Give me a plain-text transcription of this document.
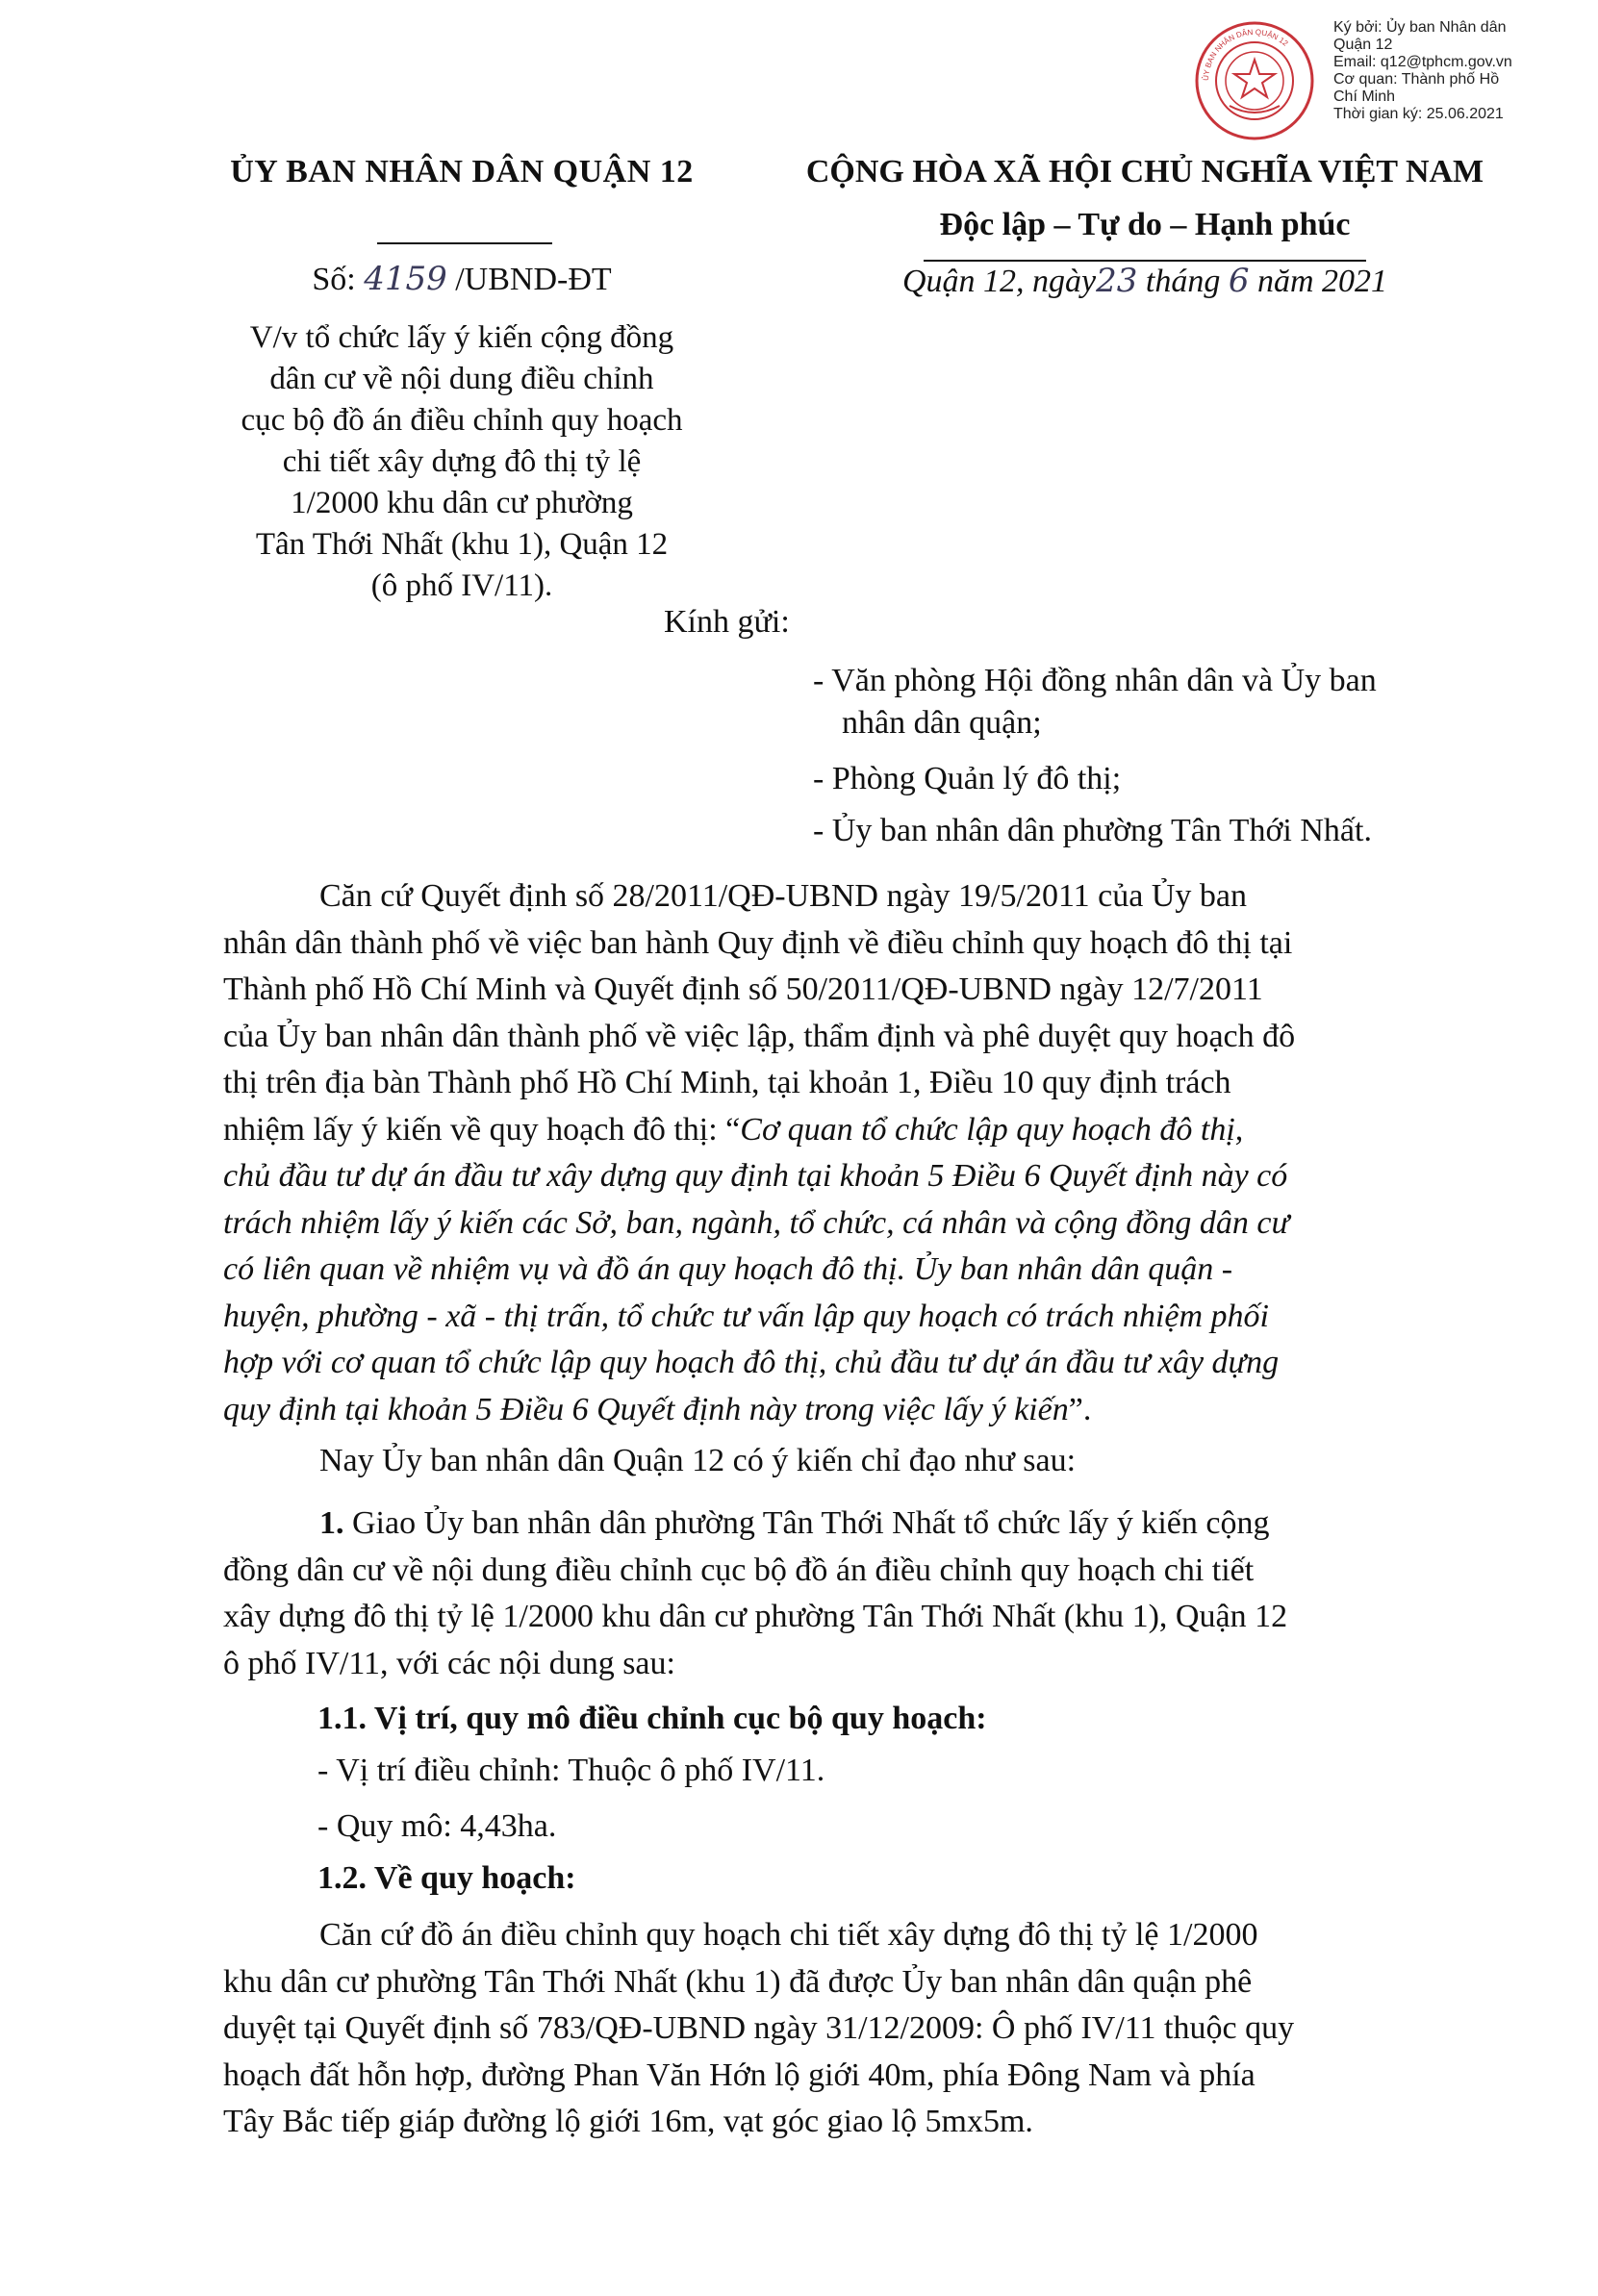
ỦY BAN NHÂN DÂN QUẬN 12
Ký bởi: Ủy ban Nhân dân
Quận 12
Email: q12@tphcm.gov.vn
Cơ quan: Thành phố Hồ
Chí Minh
Thời gian ký: 25.06.2021
ỦY BAN NHÂN DÂN QUẬN 12
Số: 4159 /UBND-ĐT
V/v tổ chức lấy ý kiến cộng đồng
dân cư về nội dung điều chỉnh
cục bộ đồ án điều chỉnh quy hoạch
chi tiết xây dựng đô thị tỷ lệ
1/2000 khu dân cư phường
Tân Thới Nhất (khu 1), Quận 12
(ô phố IV/11).
CỘNG HÒA XÃ HỘI CHỦ NGHĨA VIỆT NAM
Độc lập – Tự do – Hạnh phúc
Quận 12, ngày23 tháng 6 năm 2021
Kính gửi:
- Văn phòng Hội đồng nhân dân và Ủy ban
nhân dân quận;
- Phòng Quản lý đô thị;
- Ủy ban nhân dân phường Tân Thới Nhất.
Căn cứ Quyết định số 28/2011/QĐ-UBND ngày 19/5/2011 của Ủy ban
nhân dân thành phố về việc ban hành Quy định về điều chỉnh quy hoạch đô thị tại
Thành phố Hồ Chí Minh và Quyết định số 50/2011/QĐ-UBND ngày 12/7/2011
của Ủy ban nhân dân thành phố về việc lập, thẩm định và phê duyệt quy hoạch đô
thị trên địa bàn Thành phố Hồ Chí Minh, tại khoản 1, Điều 10 quy định trách
nhiệm lấy ý kiến về quy hoạch đô thị: “Cơ quan tổ chức lập quy hoạch đô thị,
chủ đầu tư dự án đầu tư xây dựng quy định tại khoản 5 Điều 6 Quyết định này có
trách nhiệm lấy ý kiến các Sở, ban, ngành, tổ chức, cá nhân và cộng đồng dân cư
có liên quan về nhiệm vụ và đồ án quy hoạch đô thị. Ủy ban nhân dân quận -
huyện, phường - xã - thị trấn, tổ chức tư vấn lập quy hoạch có trách nhiệm phối
hợp với cơ quan tổ chức lập quy hoạch đô thị, chủ đầu tư dự án đầu tư xây dựng
quy định tại khoản 5 Điều 6 Quyết định này trong việc lấy ý kiến”.
Nay Ủy ban nhân dân Quận 12 có ý kiến chỉ đạo như sau:
1. Giao Ủy ban nhân dân phường Tân Thới Nhất tổ chức lấy ý kiến cộng
đồng dân cư về nội dung điều chỉnh cục bộ đồ án điều chỉnh quy hoạch chi tiết
xây dựng đô thị tỷ lệ 1/2000 khu dân cư phường Tân Thới Nhất (khu 1), Quận 12
ô phố IV/11, với các nội dung sau:
1.1. Vị trí, quy mô điều chỉnh cục bộ quy hoạch:
- Vị trí điều chỉnh: Thuộc ô phố IV/11.
- Quy mô: 4,43ha.
1.2. Về quy hoạch:
Căn cứ đồ án điều chỉnh quy hoạch chi tiết xây dựng đô thị tỷ lệ 1/2000
khu dân cư phường Tân Thới Nhất (khu 1) đã được Ủy ban nhân dân quận phê
duyệt tại Quyết định số 783/QĐ-UBND ngày 31/12/2009: Ô phố IV/11 thuộc quy
hoạch đất hỗn hợp, đường Phan Văn Hớn lộ giới 40m, phía Đông Nam và phía
Tây Bắc tiếp giáp đường lộ giới 16m, vạt góc giao lộ 5mx5m.
